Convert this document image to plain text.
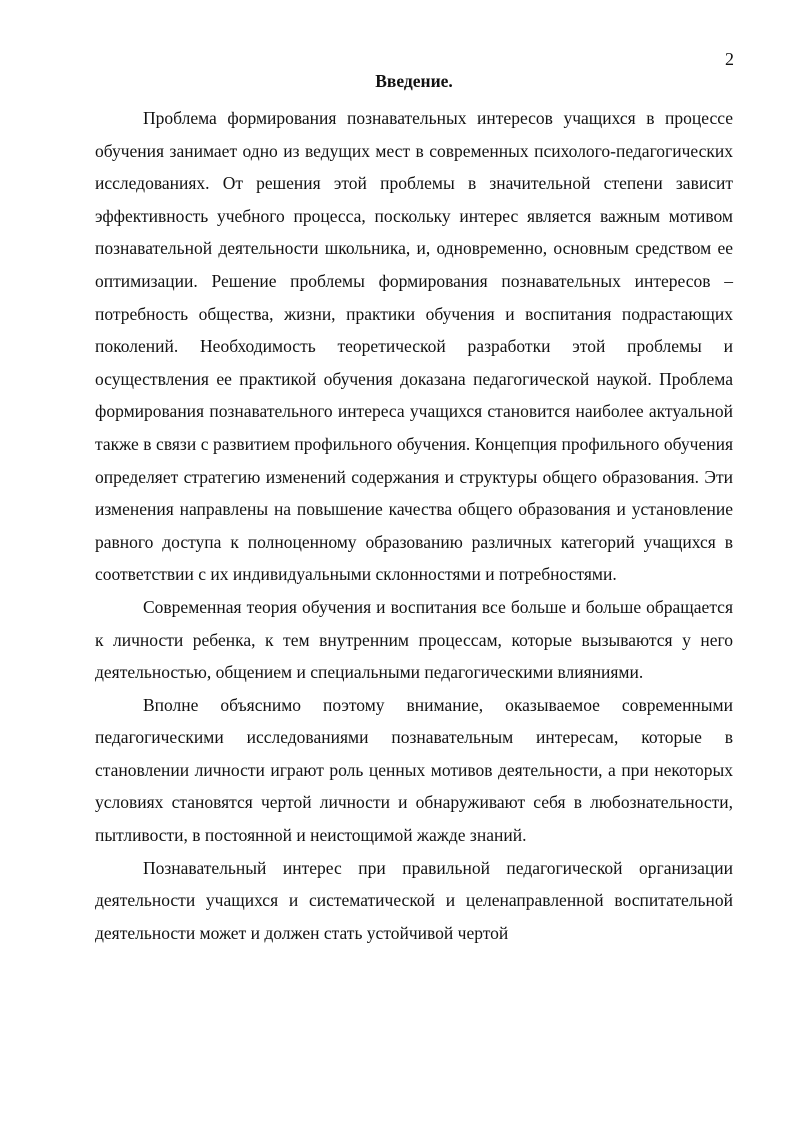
2
Введение.

Проблема формирования познавательных интересов учащихся в процессе обучения занимает одно из ведущих мест в современных психолого-педагогических исследованиях. От решения этой проблемы в значительной степени зависит эффективность учебного процесса, поскольку интерес является важным мотивом познавательной деятельности школьника, и, одновременно, основным средством ее оптимизации. Решение проблемы формирования познавательных интересов – потребность общества, жизни, практики обучения и воспитания подрастающих поколений. Необходимость теоретической разработки этой проблемы и осуществления ее практикой обучения доказана педагогической наукой. Проблема формирования познавательного интереса учащихся становится наиболее актуальной также в связи с развитием профильного обучения. Концепция профильного обучения определяет стратегию изменений содержания и структуры общего образования. Эти изменения направлены на повышение качества общего образования и установление равного доступа к полноценному образованию различных категорий учащихся в соответствии с их индивидуальными склонностями и потребностями.

Современная теория обучения и воспитания все больше и больше обращается к личности ребенка, к тем внутренним процессам, которые вызываются у него деятельностью, общением и специальными педагогическими влияниями.

Вполне объяснимо поэтому внимание, оказываемое современными педагогическими исследованиями познавательным интересам, которые в становлении личности играют роль ценных мотивов деятельности, а при некоторых условиях становятся чертой личности и обнаруживают себя в любознательности, пытливости, в постоянной и неистощимой жажде знаний.

Познавательный интерес при правильной педагогической организации деятельности учащихся и систематической и целенаправленной воспитательной деятельности может и должен стать устойчивой чертой
